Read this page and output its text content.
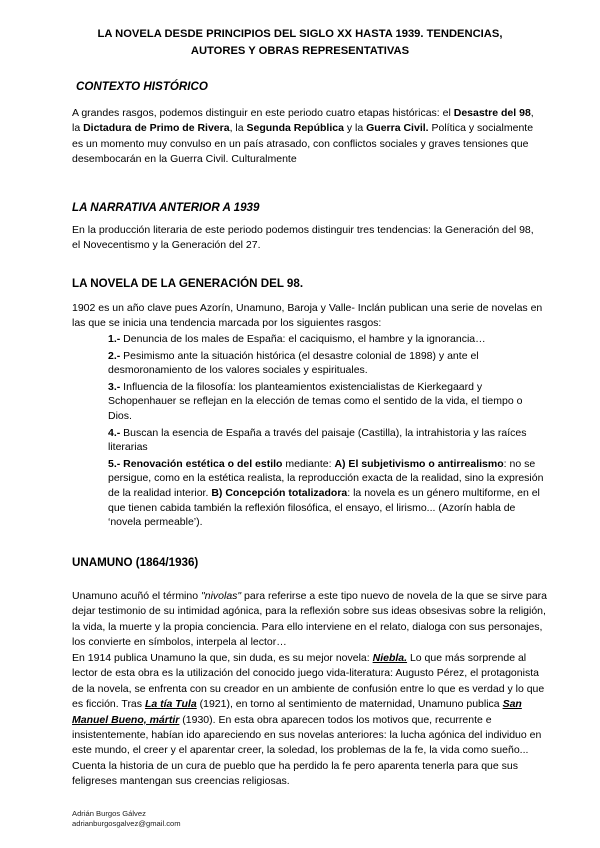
LA NOVELA DESDE PRINCIPIOS DEL SIGLO XX HASTA 1939. TENDENCIAS,
AUTORES Y OBRAS REPRESENTATIVAS
CONTEXTO HISTÓRICO
A grandes rasgos, podemos distinguir en este periodo cuatro etapas históricas: el Desastre del 98, la Dictadura de Primo de Rivera, la Segunda República y la Guerra Civil. Política y socialmente es un momento muy convulso en un país atrasado, con conflictos sociales y graves tensiones que desembocarán en la Guerra Civil. Culturalmente
LA NARRATIVA ANTERIOR A 1939
En la producción literaria de este periodo podemos distinguir tres tendencias: la Generación del 98, el Novecentismo y la Generación del 27.
LA NOVELA DE LA GENERACIÓN DEL 98.
1902 es un año clave pues Azorín, Unamuno, Baroja y Valle- Inclán publican una serie de novelas en las que se inicia una tendencia marcada por los siguientes rasgos:
1.- Denuncia de los males de España: el caciquismo, el hambre y la ignorancia…
2.- Pesimismo ante la situación histórica (el desastre colonial de 1898) y ante el desmoronamiento de los valores sociales y espirituales.
3.- Influencia de la filosofía: los planteamientos existencialistas de Kierkegaard y Schopenhauer se reflejan en la elección de temas como el sentido de la vida, el tiempo o Dios.
4.- Buscan la esencia de España a través del paisaje (Castilla), la intrahistoria y las raíces literarias
5.- Renovación estética o del estilo mediante: A) El subjetivismo o antirrealismo: no se persigue, como en la estética realista, la reproducción exacta de la realidad, sino la expresión de la realidad interior. B) Concepción totalizadora: la novela es un género multiforme, en el que tienen cabida también la reflexión filosófica, el ensayo, el lirismo... (Azorín habla de ‘novela permeable’).
UNAMUNO (1864/1936)
Unamuno acuñó el término "nivolas" para referirse a este tipo nuevo de novela de la que se sirve para dejar testimonio de su intimidad agónica, para la reflexión sobre sus ideas obsesivas sobre la religión, la vida, la muerte y la propia conciencia. Para ello interviene en el relato, dialoga con sus personajes, los convierte en símbolos, interpela al lector…
En 1914 publica Unamuno la que, sin duda, es su mejor novela: Niebla. Lo que más sorprende al lector de esta obra es la utilización del conocido juego vida-literatura: Augusto Pérez, el protagonista de la novela, se enfrenta con su creador en un ambiente de confusión entre lo que es verdad y lo que es ficción. Tras La tía Tula (1921), en torno al sentimiento de maternidad, Unamuno publica San Manuel Bueno, mártir (1930). En esta obra aparecen todos los motivos que, recurrente e insistentemente, habían ido apareciendo en sus novelas anteriores: la lucha agónica del individuo en este mundo, el creer y el aparentar creer, la soledad, los problemas de la fe, la vida como sueño... Cuenta la historia de un cura de pueblo que ha perdido la fe pero aparenta tenerla para que sus feligreses mantengan sus creencias religiosas.
Adrián Burgos Gálvez
adrianburgosgalvez@gmail.com
